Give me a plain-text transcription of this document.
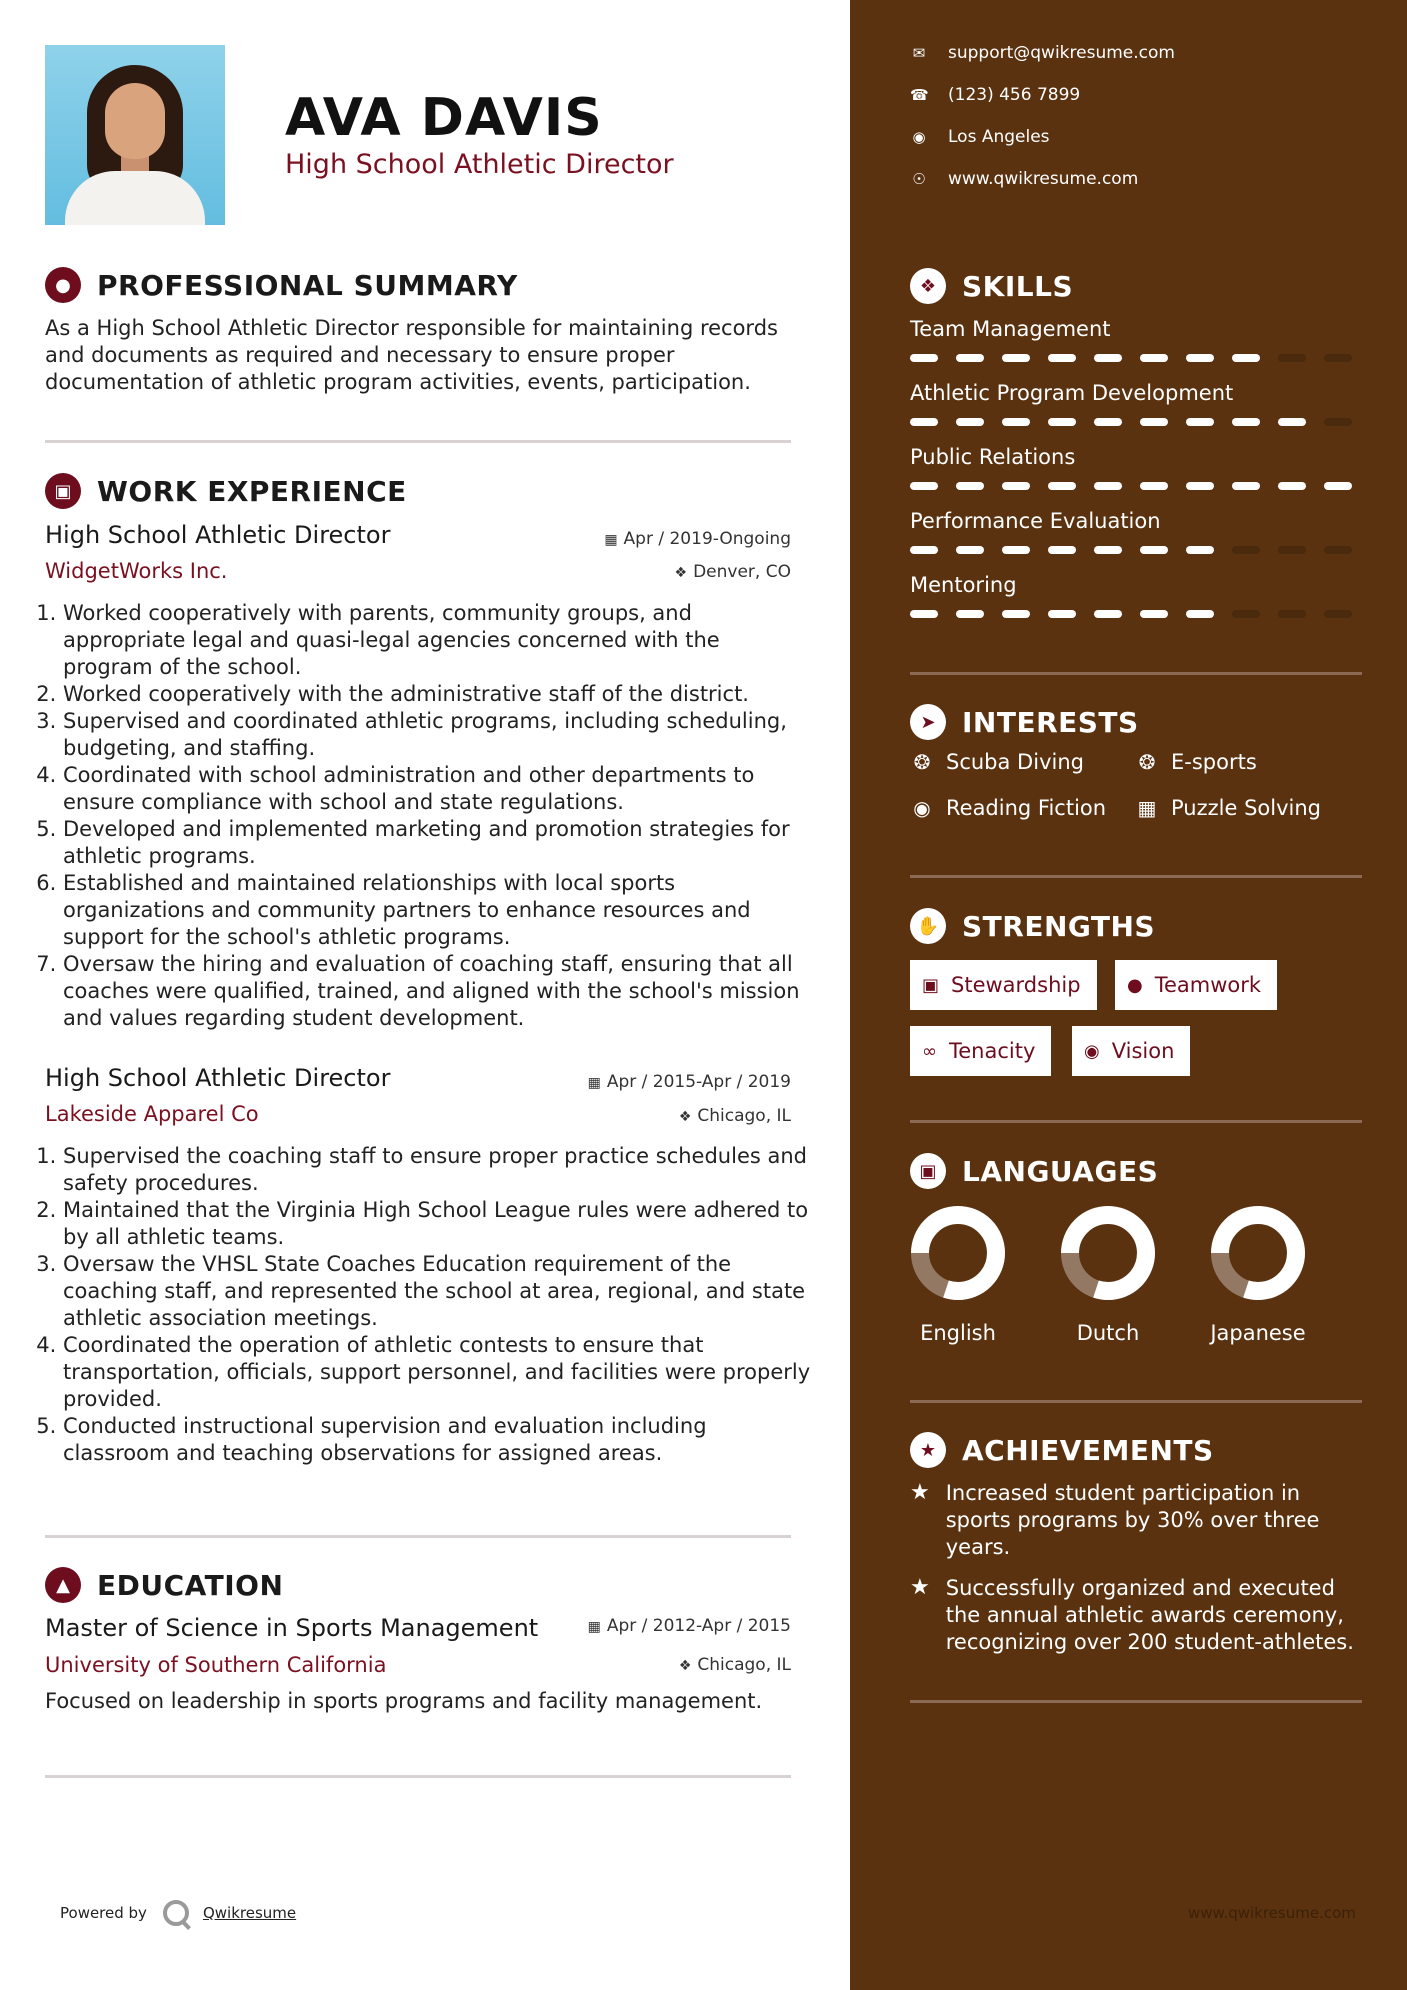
AVA DAVIS
High School Athletic Director
● PROFESSIONAL SUMMARY

As a High School Athletic Director responsible for maintaining records and documents as required and necessary to ensure proper documentation of athletic program activities, events, participation.

▣ WORK EXPERIENCE
High School Athletic Director	▦ Apr / 2019-Ongoing
WidgetWorks Inc.	❖ Denver, CO
1. Worked cooperatively with parents, community groups, and appropriate legal and quasi-legal agencies concerned with the program of the school.
2. Worked cooperatively with the administrative staff of the district.
3. Supervised and coordinated athletic programs, including scheduling, budgeting, and staffing.
4. Coordinated with school administration and other departments to ensure compliance with school and state regulations.
5. Developed and implemented marketing and promotion strategies for athletic programs.
6. Established and maintained relationships with local sports organizations and community partners to enhance resources and support for the school's athletic programs.
7. Oversaw the hiring and evaluation of coaching staff, ensuring that all coaches were qualified, trained, and aligned with the school's mission and values regarding student development.
High School Athletic Director	▦ Apr / 2015-Apr / 2019
Lakeside Apparel Co	❖ Chicago, IL
1. Supervised the coaching staff to ensure proper practice schedules and safety procedures.
2. Maintained that the Virginia High School League rules were adhered to by all athletic teams.
3. Oversaw the VHSL State Coaches Education requirement of the coaching staff, and represented the school at area, regional, and state athletic association meetings.
4. Coordinated the operation of athletic contests to ensure that transportation, officials, support personnel, and facilities were properly provided.
5. Conducted instructional supervision and evaluation including classroom and teaching observations for assigned areas.
▲ EDUCATION
Master of Science in Sports Management	▦ Apr / 2012-Apr / 2015
University of Southern California	❖ Chicago, IL

Focused on leadership in sports programs and facility management.

Powered by	Qwikresume
✉ support@qwikresume.com
☎ (123) 456 7899
◉ Los Angeles
☉ www.qwikresume.com
❖ SKILLS
Team Management
Athletic Program Development
Public Relations
Performance Evaluation
Mentoring
➤ INTERESTS
❂ Scuba Diving	❂ E-sports
◉ Reading Fiction ▦ Puzzle Solving
✋ STRENGTHS
▣ Stewardship	● Teamwork
∞ Tenacity	◉ Vision
▣ LANGUAGES
English	Dutch	Japanese
★ ACHIEVEMENTS
★ Increased student participation in sports programs by 30% over three years.
★ Successfully organized and executed the annual athletic awards ceremony, recognizing over 200 student-athletes.
www.qwikresume.com
